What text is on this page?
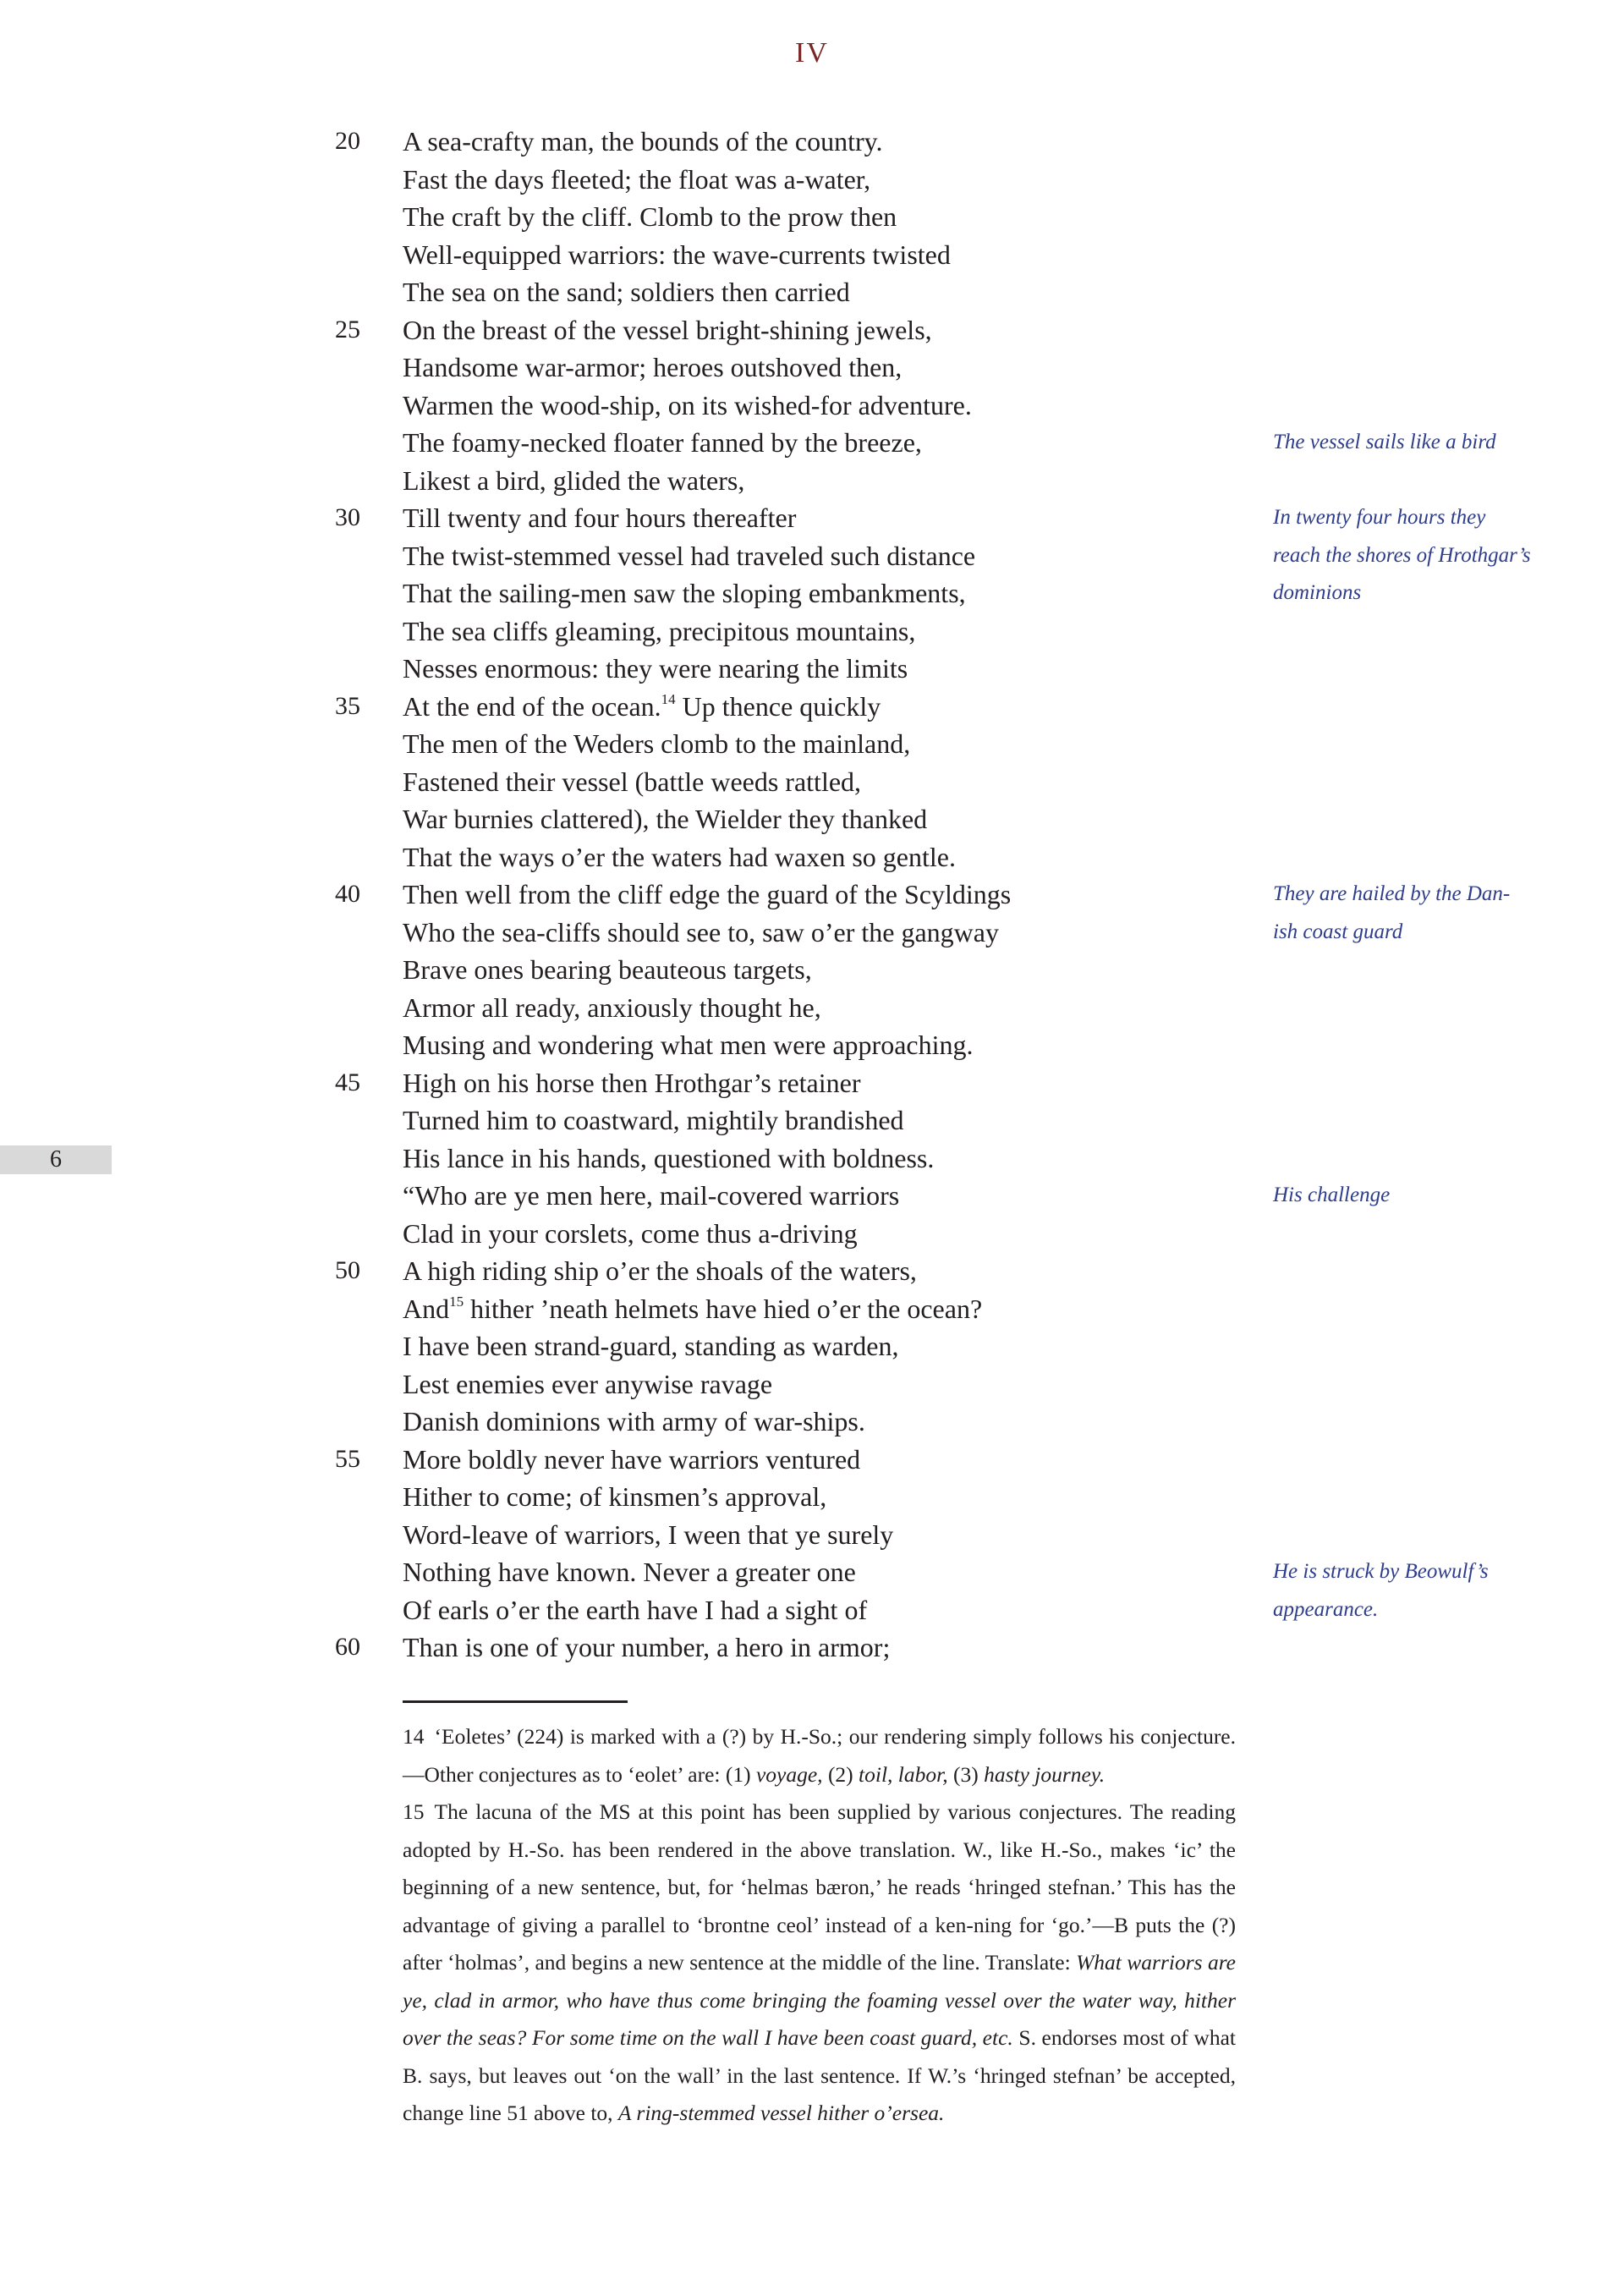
IV
6
20	A sea-crafty man, the bounds of the country.
Fast the days fleeted; the float was a-water,
The craft by the cliff. Clomb to the prow then
Well-equipped warriors: the wave-currents twisted
The sea on the sand; soldiers then carried
25	On the breast of the vessel bright-shining jewels,
Handsome war-armor; heroes outshoved then,
Warmen the wood-ship, on its wished-for adventure.
The foamy-necked floater fanned by the breeze,
Likest a bird, glided the waters,
30	Till twenty and four hours thereafter
The twist-stemmed vessel had traveled such distance
That the sailing-men saw the sloping embankments,
The sea cliffs gleaming, precipitous mountains,
Nesses enormous: they were nearing the limits
35	At the end of the ocean.$^{14}$ Up thence quickly
The men of the Weders clomb to the mainland,
Fastened their vessel (battle weeds rattled,
War burnies clattered), the Wielder they thanked
That the ways o’er the waters had waxen so gentle.
40	Then well from the cliff edge the guard of the Scyldings
Who the sea-cliffs should see to, saw o’er the gangway
Brave ones bearing beauteous targets,
Armor all ready, anxiously thought he,
Musing and wondering what men were approaching.
45	High on his horse then Hrothgar’s retainer
Turned him to coastward, mightily brandished
His lance in his hands, questioned with boldness.
“Who are ye men here, mail-covered warriors
Clad in your corslets, come thus a-driving
50	A high riding ship o’er the shoals of the waters,
And$^{15}$ hither ’neath helmets have hied o’er the ocean?
I have been strand-guard, standing as warden,
Lest enemies ever anywise ravage
Danish dominions with army of war-ships.
55	More boldly never have warriors ventured
Hither to come; of kinsmen’s approval,
Word-leave of warriors, I ween that ye surely
Nothing have known. Never a greater one
Of earls o’er the earth have I had a sight of
60	Than is one of your number, a hero in armor;
The vessel sails like a bird
In twenty four hours they
reach the shores of Hrothgar’s
dominions
They are hailed by the Dan-
ish coast guard
His challenge
He is struck by Beowulf’s
appearance.

14 ‘Eoletes’ (224) is marked with a (?) by H.-So.; our rendering simply follows his conjecture.—Other conjectures as to ‘eolet’ are: (1) voyage, (2) toil, labor, (3) hasty journey.

15 The lacuna of the MS at this point has been supplied by various conjectures. The reading adopted by H.-So. has been rendered in the above translation. W., like H.-So., makes ‘ic’ the beginning of a new sentence, but, for ‘helmas bæron,’ he reads ‘hringed stefnan.’ This has the advantage of giving a parallel to ‘brontne ceol’ instead of a ken-ning for ‘go.’—B puts the (?) after ‘holmas’, and begins a new sentence at the middle of the line. Translate: What warriors are ye, clad in armor, who have thus come bringing the foaming vessel over the water way, hither over the seas? For some time on the wall I have been coast guard, etc. S. endorses most of what B. says, but leaves out ‘on the wall’ in the last sentence. If W.’s ‘hringed stefnan’ be accepted, change line 51 above to, A ring-stemmed vessel hither o’ersea.
